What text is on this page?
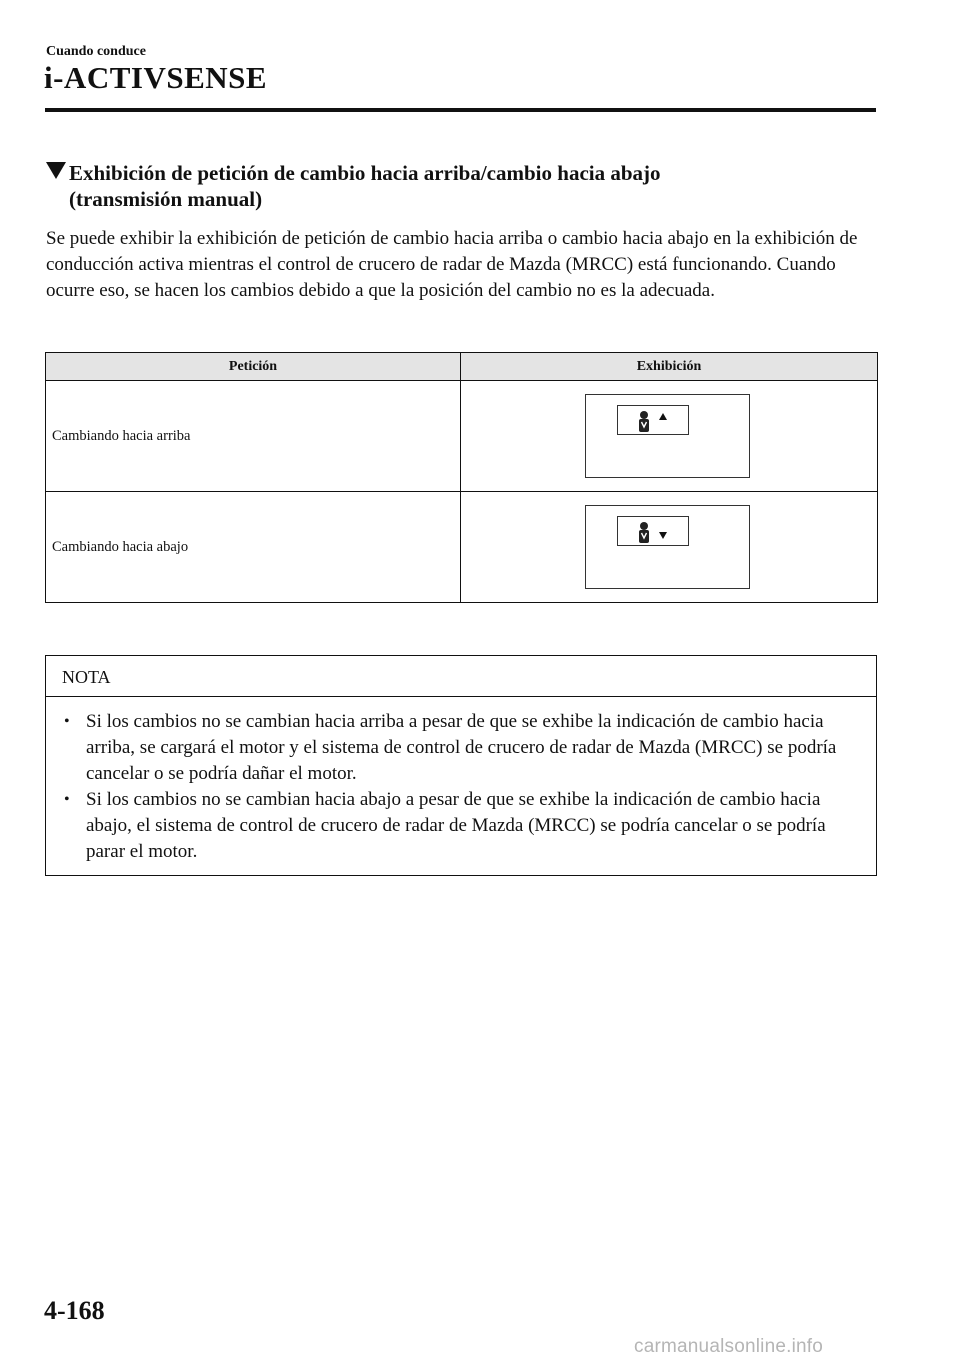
Cuando conduce
i-ACTIVSENSE
Exhibición de petición de cambio hacia arriba/cambio hacia abajo
(transmisión manual)

Se puede exhibir la exhibición de petición de cambio hacia arriba o cambio hacia abajo en la exhibición de conducción activa mientras el control de crucero de radar de Mazda (MRCC) está funcionando. Cuando ocurre eso, se hacen los cambios debido a que la posición del cambio no es la adecuada.

Petición	Exhibición
Cambiando hacia arriba	

Cambiando hacia abajo	
NOTA
• Si los cambios no se cambian hacia arriba a pesar de que se exhibe la indicación de cambio hacia arriba, se cargará el motor y el sistema de control de crucero de radar de Mazda (MRCC) se podría cancelar o se podría dañar el motor.
• Si los cambios no se cambian hacia abajo a pesar de que se exhibe la indicación de cambio hacia abajo, el sistema de control de crucero de radar de Mazda (MRCC) se podría cancelar o se podría parar el motor.
4-168
carmanualsonline.info
